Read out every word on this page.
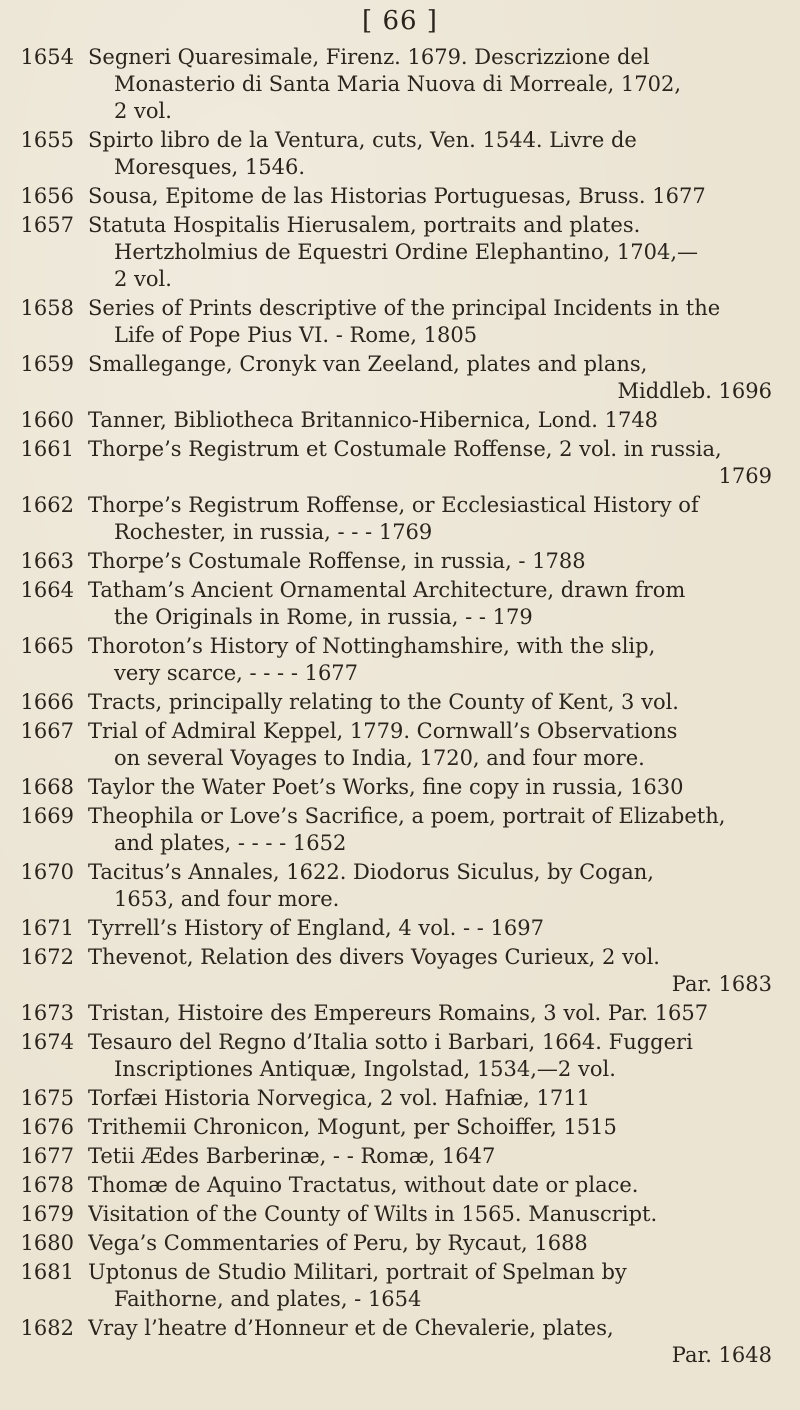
[ 66 ]
1654 Segneri Quaresimale, Firenz. 1679. Descrizzione del
Monasterio di Santa Maria Nuova di Morreale, 1702,
2 vol.
1655 Spirto libro de la Ventura, cuts, Ven. 1544. Livre de
Moresques, 1546.
1656 Sousa, Epitome de las Historias Portuguesas, Bruss. 1677
1657 Statuta Hospitalis Hierusalem, portraits and plates.
Hertzholmius de Equestri Ordine Elephantino, 1704,—
2 vol.
1658 Series of Prints descriptive of the principal Incidents in the
Life of Pope Pius VI. - Rome, 1805
1659 Smallegange, Cronyk van Zeeland, plates and plans,
Middleb. 1696
1660 Tanner, Bibliotheca Britannico-Hibernica, Lond. 1748
1661 Thorpe’s Registrum et Costumale Roffense, 2 vol. in russia,
1769
1662 Thorpe’s Registrum Roffense, or Ecclesiastical History of
Rochester, in russia, - - - 1769
1663 Thorpe’s Costumale Roffense, in russia, - 1788
1664 Tatham’s Ancient Ornamental Architecture, drawn from
the Originals in Rome, in russia, - - 179
1665 Thoroton’s History of Nottinghamshire, with the slip,
very scarce, - - - - 1677
1666 Tracts, principally relating to the County of Kent, 3 vol.
1667 Trial of Admiral Keppel, 1779. Cornwall’s Observations
on several Voyages to India, 1720, and four more.
1668 Taylor the Water Poet’s Works, fine copy in russia, 1630
1669 Theophila or Love’s Sacrifice, a poem, portrait of Elizabeth,
and plates, - - - - 1652
1670 Tacitus’s Annales, 1622. Diodorus Siculus, by Cogan,
1653, and four more.
1671 Tyrrell’s History of England, 4 vol. - - 1697
1672 Thevenot, Relation des divers Voyages Curieux, 2 vol.
Par. 1683
1673 Tristan, Histoire des Empereurs Romains, 3 vol. Par. 1657
1674 Tesauro del Regno d’Italia sotto i Barbari, 1664. Fuggeri
Inscriptiones Antiquæ, Ingolstad, 1534,—2 vol.
1675 Torfæi Historia Norvegica, 2 vol. Hafniæ, 1711
1676 Trithemii Chronicon, Mogunt, per Schoiffer, 1515
1677 Tetii Ædes Barberinæ, - - Romæ, 1647
1678 Thomæ de Aquino Tractatus, without date or place.
1679 Visitation of the County of Wilts in 1565. Manuscript.
1680 Vega’s Commentaries of Peru, by Rycaut, 1688
1681 Uptonus de Studio Militari, portrait of Spelman by
Faithorne, and plates, - 1654
1682 Vray l’heatre d’Honneur et de Chevalerie, plates,
Par. 1648
